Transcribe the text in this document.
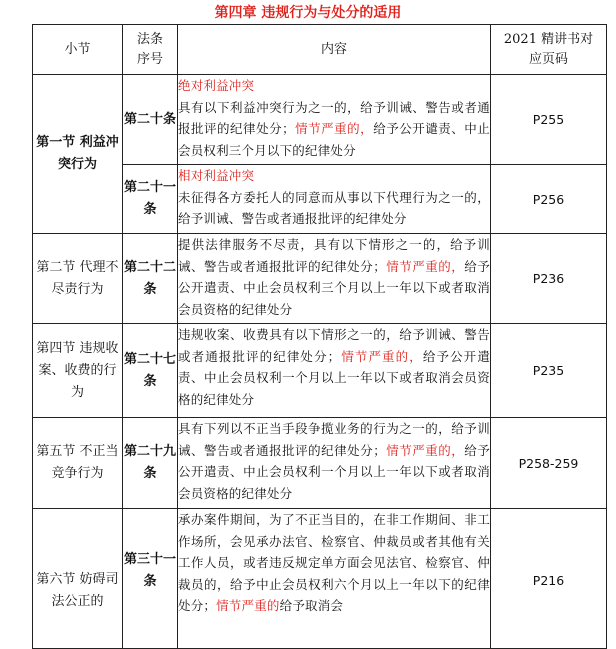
第四章 违规行为与处分的适用
小节	法条序号	内容	2021 精讲书对应页码
第一节 利益冲突行为	第二十条	绝对利益冲突
具有以下利益冲突行为之一的，给予训诫、警告或者通报批评的纪律处分；情节严重的，给予公开谴责、中止会员权利三个月以下的纪律处分	P255
	第二十一条	相对利益冲突
未征得各方委托人的同意而从事以下代理行为之一的，给予训诫、警告或者通报批评的纪律处分	P256
第二节 代理不尽责行为	第二十二条	提供法律服务不尽责，具有以下情形之一的，给予训诫、警告或者通报批评的纪律处分；情节严重的，给予公开遣责、中止会员权利三个月以上一年以下或者取消会员资格的纪律处分	P236
第四节 违规收案、收费的行为	第二十七条	违规收案、收费具有以下情形之一的，给予训诫、警告或者通报批评的纪律处分；情节严重的，给予公开遣责、中止会员权利一个月以上一年以下或者取消会员资格的纪律处分	P235
第五节 不正当竞争行为	第二十九条	具有下列以不正当手段争揽业务的行为之一的，给予训诫、警告或者通报批评的纪律处分；情节严重的，给予公开遣责、中止会员权利一个月以上一年以下或者取消会员资格的纪律处分	P258-259
第六节 妨碍司法公正的	第三十一条	承办案件期间，为了不正当目的，在非工作期间、非工作场所，会见承办法官、检察官、仲裁员或者其他有关工作人员，或者违反规定单方面会见法官、检察官、仲裁员的，给予中止会员权利六个月以上一年以下的纪律处分；情节严重的给予取消会	P216
